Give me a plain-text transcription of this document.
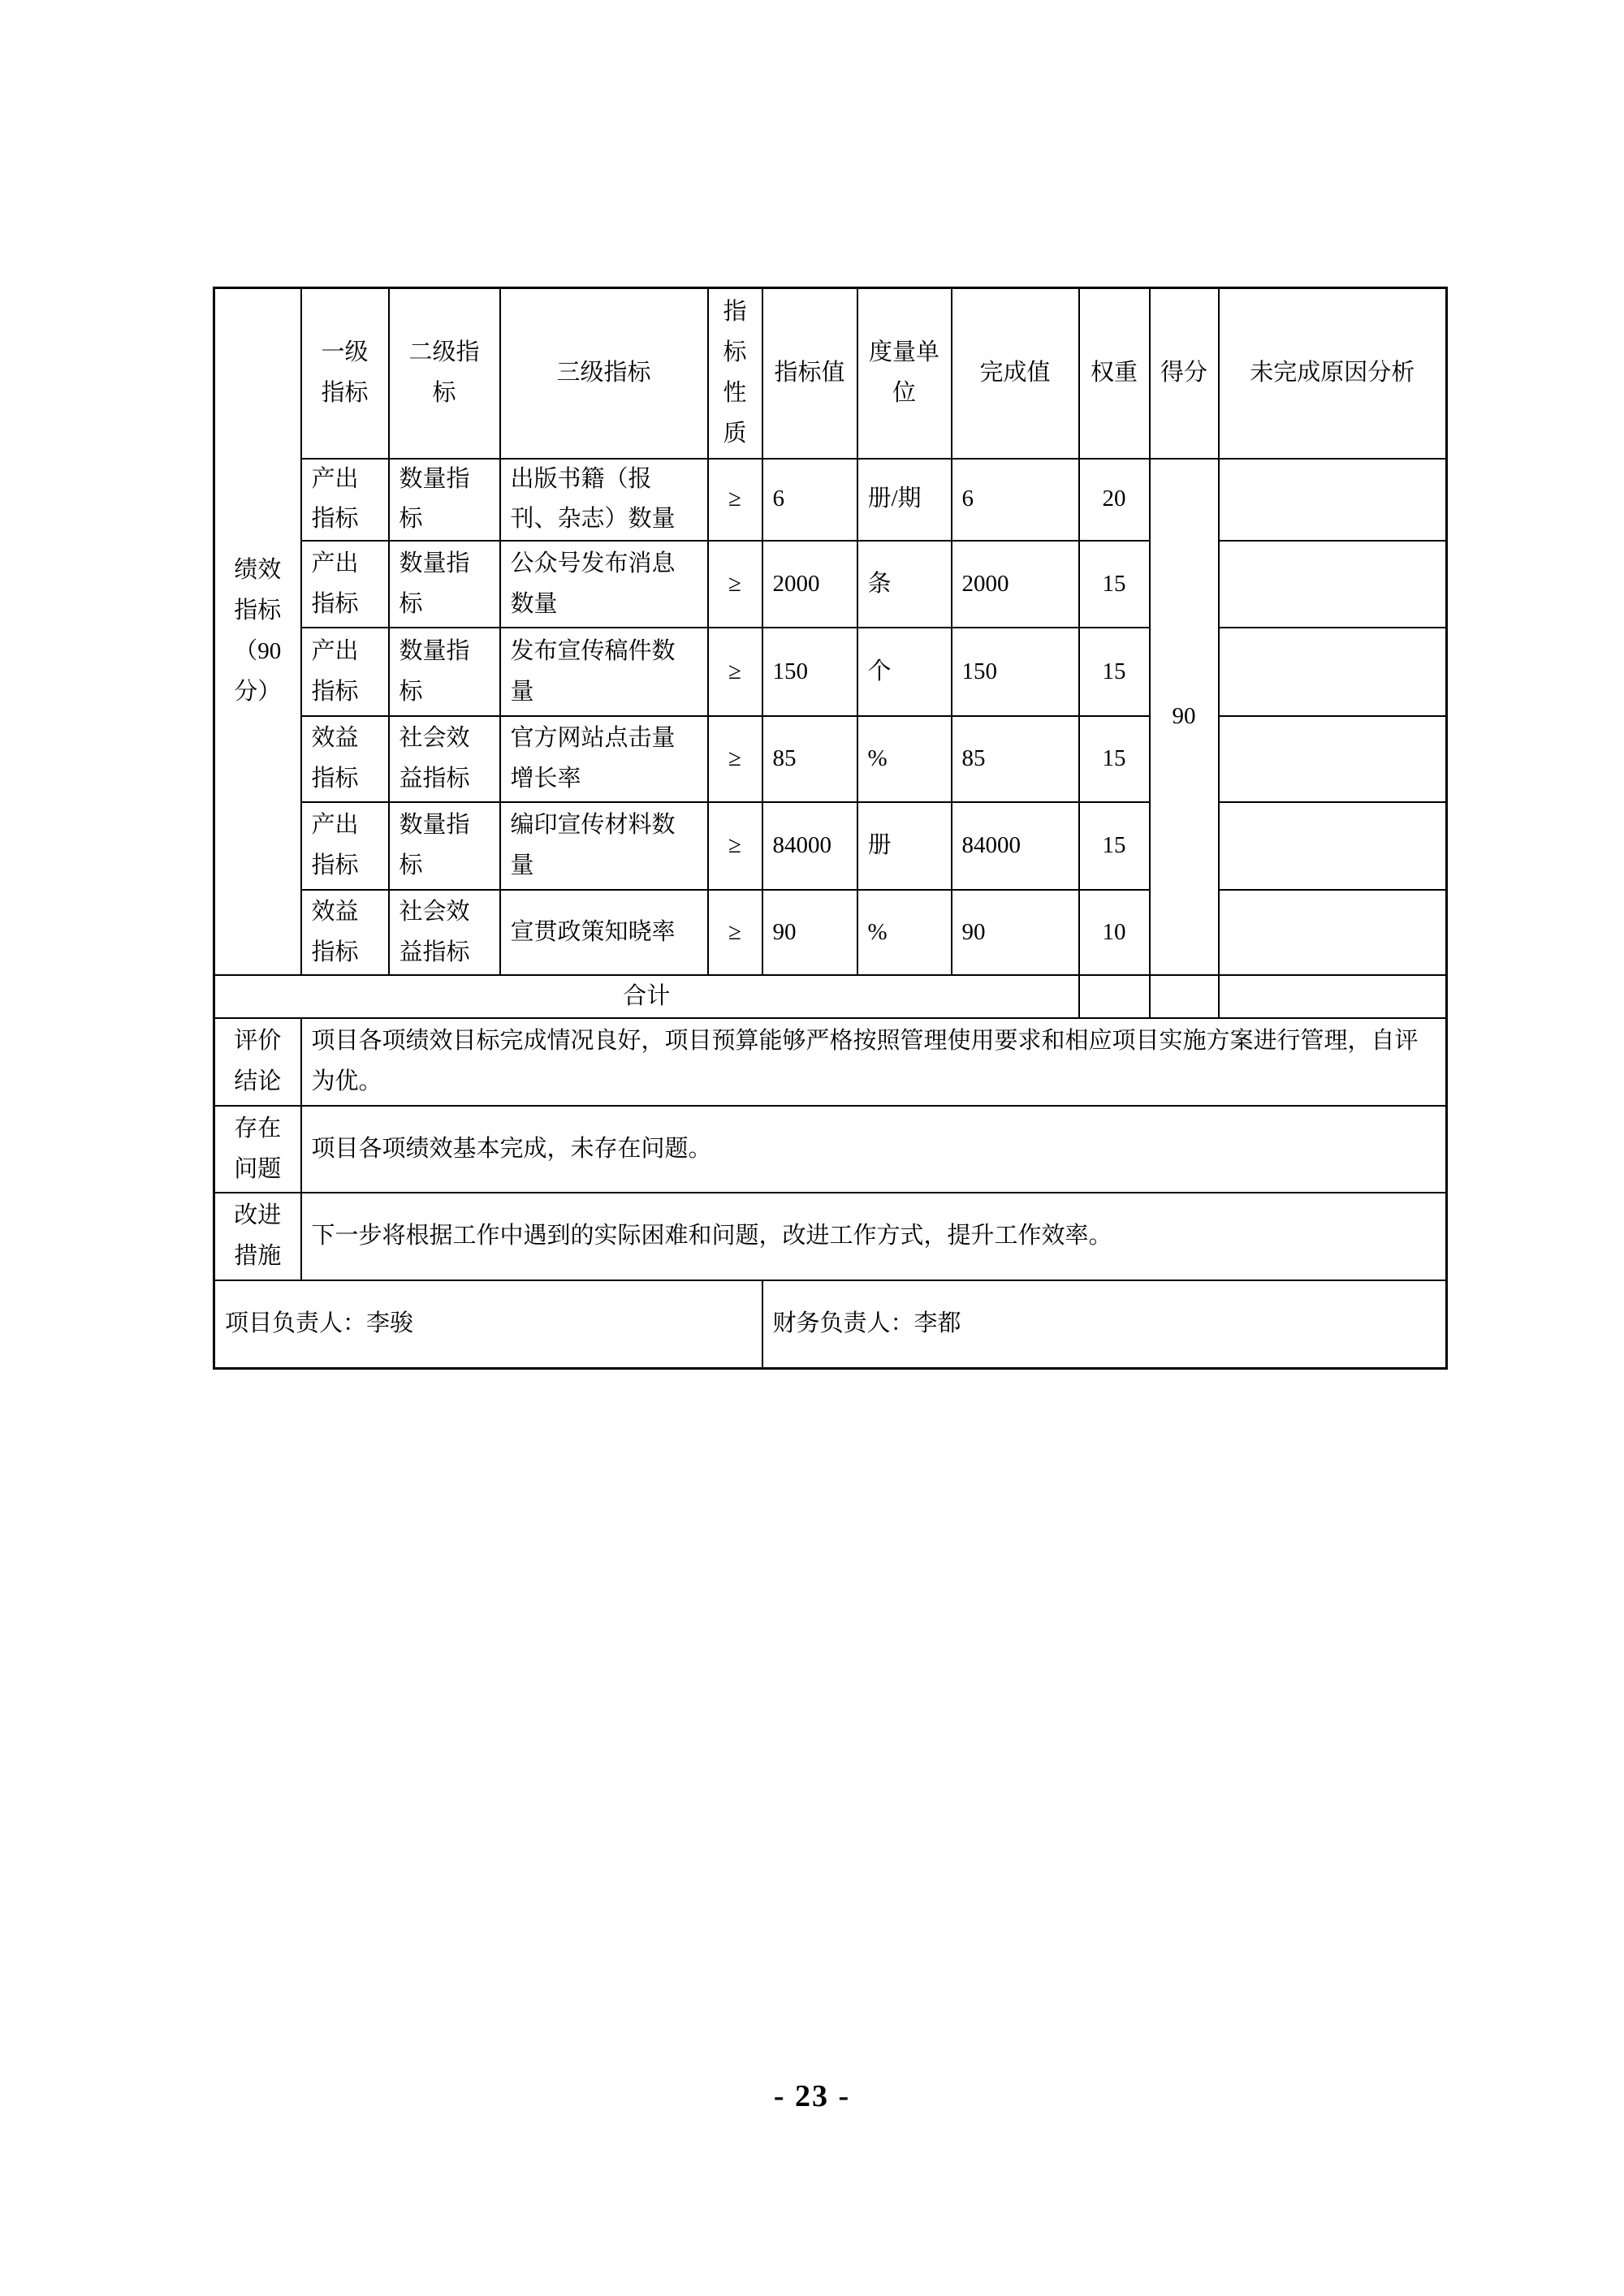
绩效指标（90分）	一级指标	二级指标	三级指标	指标性质	指标值	度量单位	完成值	权重	得分	未完成原因分析
	产出指标	数量指标	出版书籍（报刊、杂志）数量	≥	6	册/期	6	20	90	
	产出指标	数量指标	公众号发布消息数量	≥	2000	条	2000	15		
	产出指标	数量指标	发布宣传稿件数量	≥	150	个	150	15		
	效益指标	社会效益指标	官方网站点击量增长率	≥	85	%	85	15		
	产出指标	数量指标	编印宣传材料数量	≥	84000	册	84000	15		
	效益指标	社会效益指标	宣贯政策知晓率	≥	90	%	90	10		
合计										
评价结论	项目各项绩效目标完成情况良好，项目预算能够严格按照管理使用要求和相应项目实施方案进行管理，自评为优。									
存在问题	项目各项绩效基本完成，未存在问题。									
改进措施	下一步将根据工作中遇到的实际困难和问题，改进工作方式，提升工作效率。									
项目负责人：李骏					财务负责人：李都					
- 23 -
